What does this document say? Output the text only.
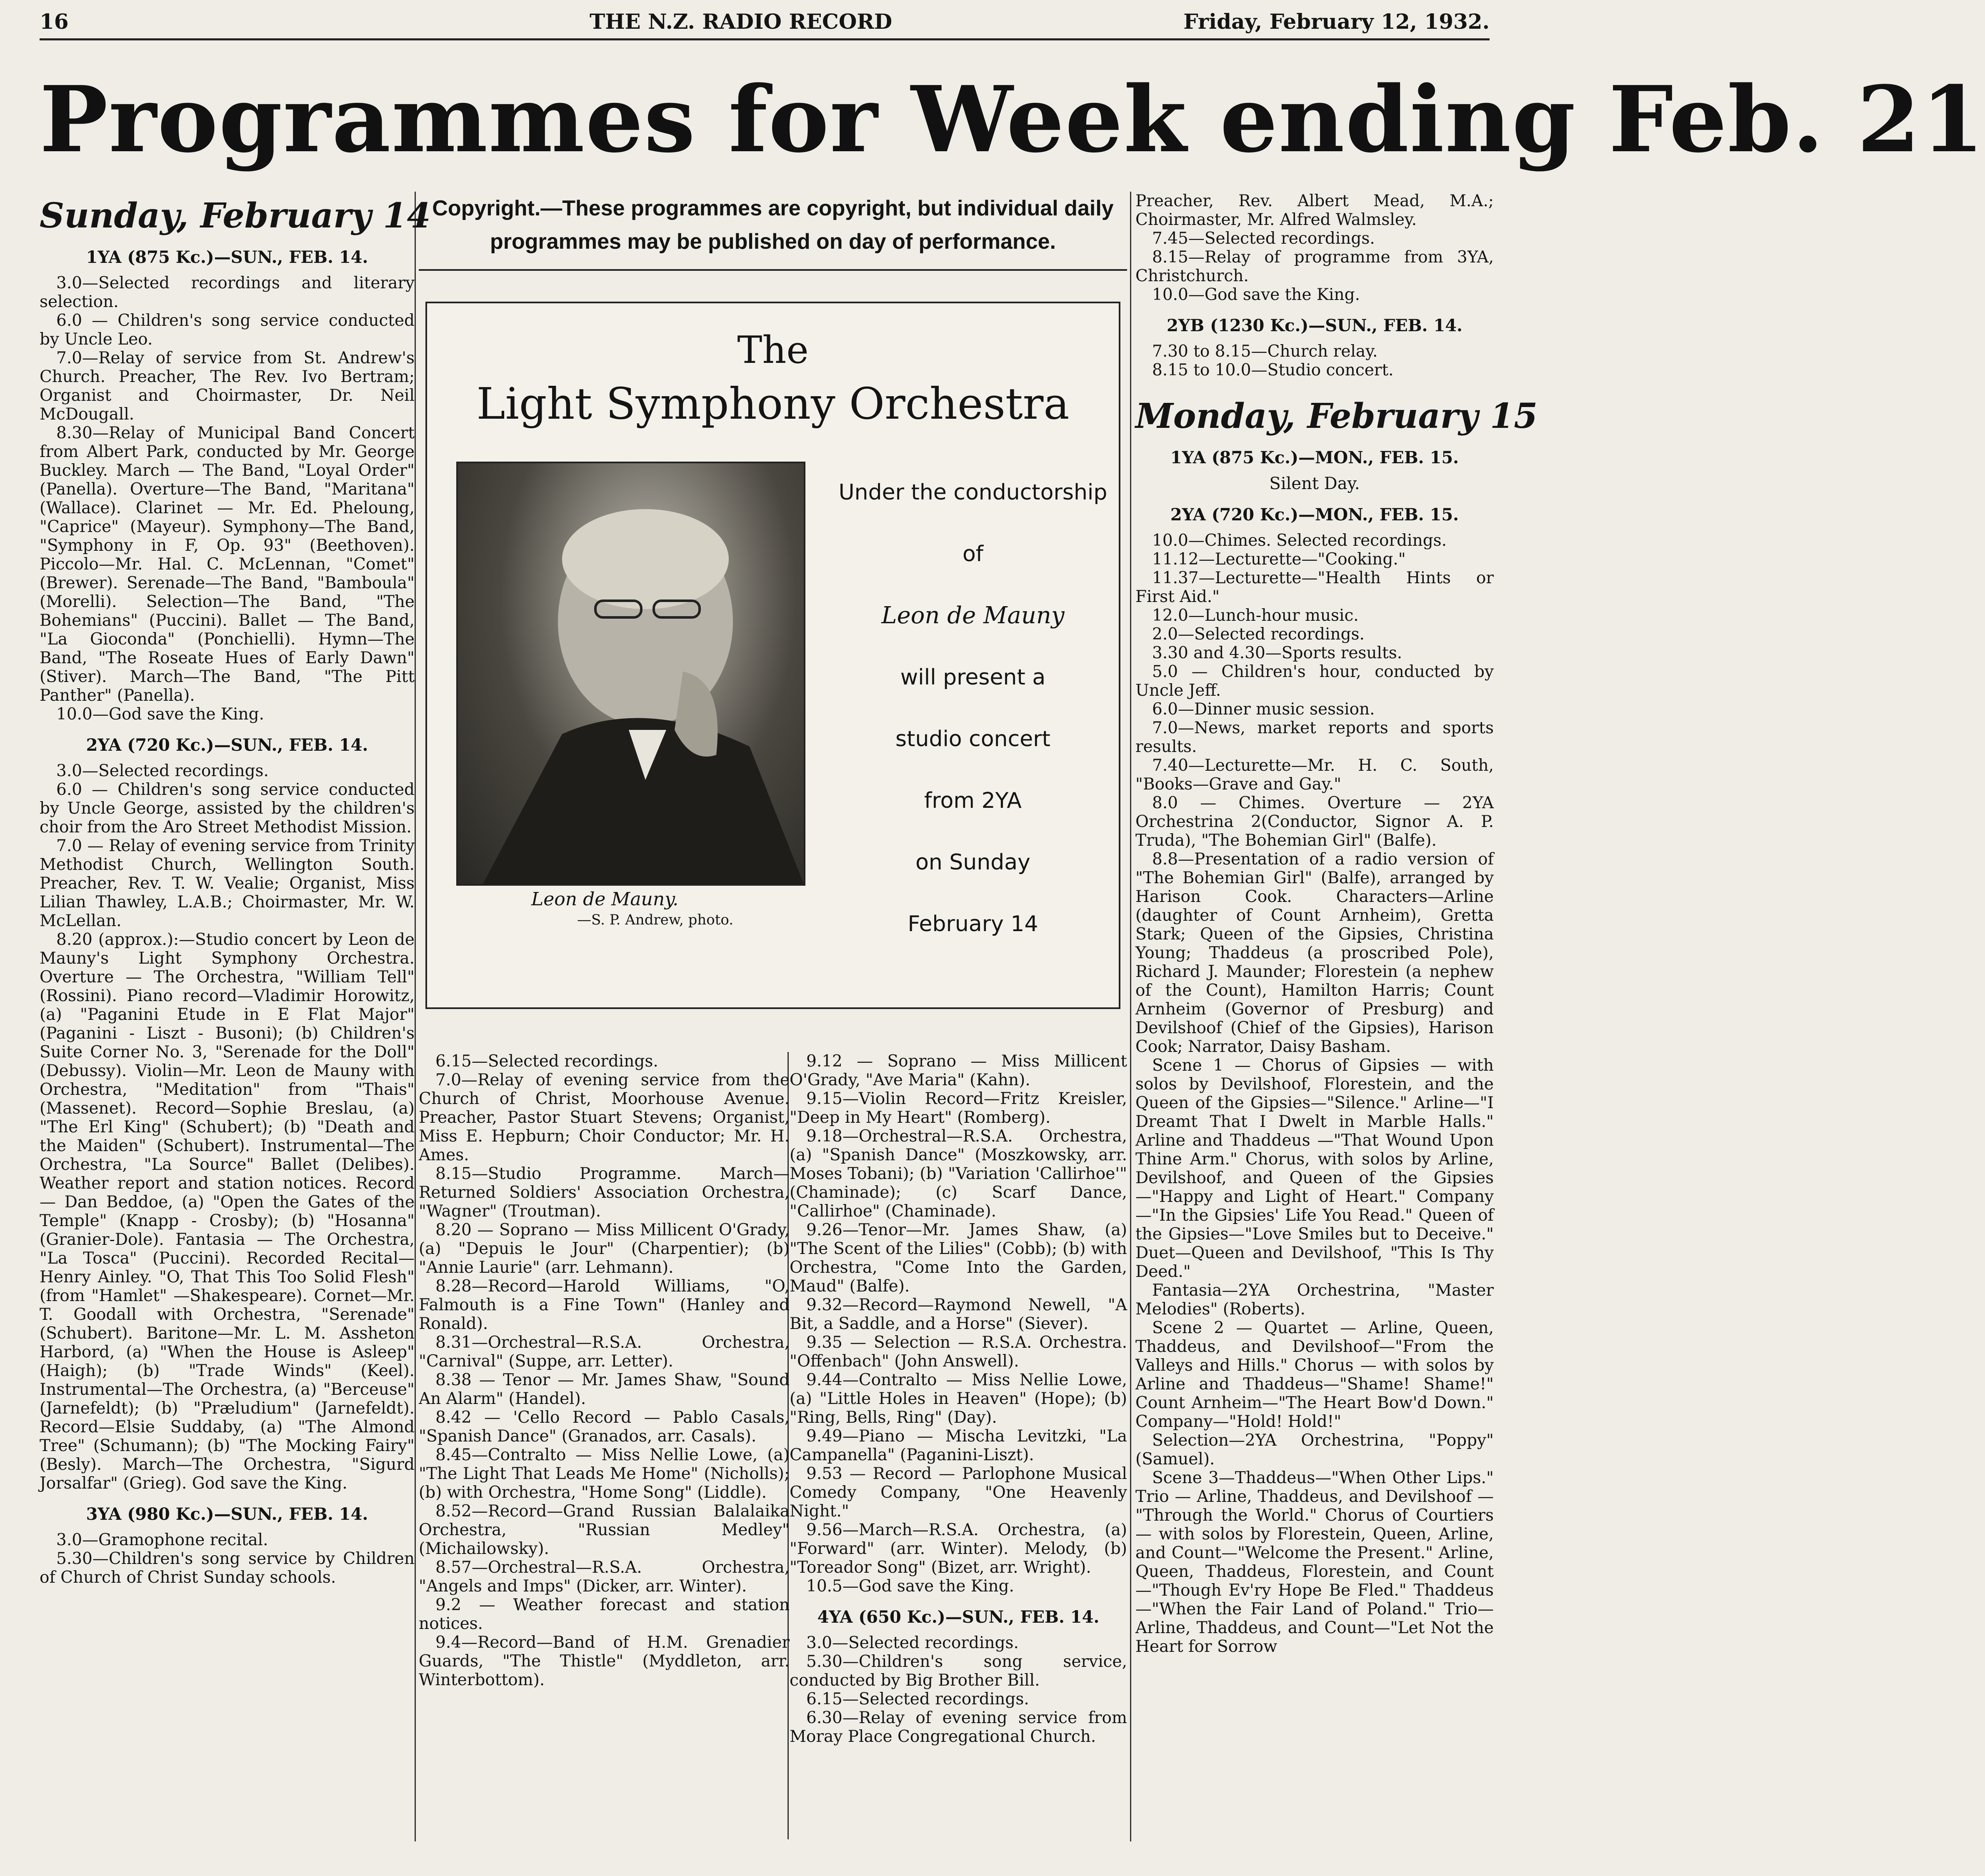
16	THE N.Z. RADIO RECORD	Friday, February 12, 1932.
Programmes for Week ending Feb. 21
Sunday, February 14
1YA (875 Kc.)—SUN., FEB. 14.

3.0—Selected recordings and literary selection.

6.0 — Children's song service conducted by Uncle Leo.

7.0—Relay of service from St. Andrew's Church. Preacher, The Rev. Ivo Bertram; Organist and Choirmaster, Dr. Neil McDougall.

8.30—Relay of Municipal Band Concert from Albert Park, conducted by Mr. George Buckley. March — The Band, "Loyal Order" (Panella). Overture—The Band, "Maritana" (Wallace). Clarinet — Mr. Ed. Pheloung, "Caprice" (Mayeur). Symphony—The Band, "Symphony in F, Op. 93" (Beethoven). Piccolo—Mr. Hal. C. McLennan, "Comet" (Brewer). Serenade—The Band, "Bamboula" (Morelli). Selection—The Band, "The Bohemians" (Puccini). Ballet — The Band, "La Gioconda" (Ponchielli). Hymn—The Band, "The Roseate Hues of Early Dawn" (Stiver). March—The Band, "The Pitt Panther" (Panella).

10.0—God save the King.

2YA (720 Kc.)—SUN., FEB. 14.

3.0—Selected recordings.

6.0 — Children's song service conducted by Uncle George, assisted by the children's choir from the Aro Street Methodist Mission.

7.0 — Relay of evening service from Trinity Methodist Church, Wellington South. Preacher, Rev. T. W. Vealie; Organist, Miss Lilian Thawley, L.A.B.; Choirmaster, Mr. W. McLellan.

8.20 (approx.):—Studio concert by Leon de Mauny's Light Symphony Orchestra. Overture — The Orchestra, "William Tell" (Rossini). Piano record—Vladimir Horowitz, (a) "Paganini Etude in E Flat Major" (Paganini - Liszt - Busoni); (b) Children's Suite Corner No. 3, "Serenade for the Doll" (Debussy). Violin—Mr. Leon de Mauny with Orchestra, "Meditation" from "Thais" (Massenet). Record—Sophie Breslau, (a) "The Erl King" (Schubert); (b) "Death and the Maiden" (Schubert). Instrumental—The Orchestra, "La Source" Ballet (Delibes). Weather report and station notices. Record — Dan Beddoe, (a) "Open the Gates of the Temple" (Knapp - Crosby); (b) "Hosanna" (Granier-Dole). Fantasia — The Orchestra, "La Tosca" (Puccini). Recorded Recital—Henry Ainley. "O, That This Too Solid Flesh" (from "Hamlet" —Shakespeare). Cornet—Mr. T. Goodall with Orchestra, "Serenade" (Schubert). Baritone—Mr. L. M. Assheton Harbord, (a) "When the House is Asleep" (Haigh); (b) "Trade Winds" (Keel). Instrumental—The Orchestra, (a) "Berceuse" (Jarnefeldt); (b) "Præludium" (Jarnefeldt). Record—Elsie Suddaby, (a) "The Almond Tree" (Schumann); (b) "The Mocking Fairy" (Besly). March—The Orchestra, "Sigurd Jorsalfar" (Grieg). God save the King.

3YA (980 Kc.)—SUN., FEB. 14.

3.0—Gramophone recital.

5.30—Children's song service by Children of Church of Christ Sunday schools.

Copyright.—These programmes are copyright, but individual daily programmes may be published on day of performance.
The
Light Symphony Orchestra
Leon de Mauny.
—S. P. Andrew, photo.
Under the conductorship
of
Leon de Mauny
will present a
studio concert
from 2YA
on Sunday
February 14

6.15—Selected recordings.

7.0—Relay of evening service from the Church of Christ, Moorhouse Avenue. Preacher, Pastor Stuart Stevens; Organist, Miss E. Hepburn; Choir Conductor; Mr. H. Ames.

8.15—Studio Programme. March—Returned Soldiers' Association Orchestra, "Wagner" (Troutman).

8.20 — Soprano — Miss Millicent O'Grady, (a) "Depuis le Jour" (Charpentier); (b) "Annie Laurie" (arr. Lehmann).

8.28—Record—Harold Williams, "O, Falmouth is a Fine Town" (Hanley and Ronald).

8.31—Orchestral—R.S.A. Orchestra, "Carnival" (Suppe, arr. Letter).

8.38 — Tenor — Mr. James Shaw, "Sound An Alarm" (Handel).

8.42 — 'Cello Record — Pablo Casals, "Spanish Dance" (Granados, arr. Casals).

8.45—Contralto — Miss Nellie Lowe, (a) "The Light That Leads Me Home" (Nicholls); (b) with Orchestra, "Home Song" (Liddle).

8.52—Record—Grand Russian Balalaika Orchestra, "Russian Medley" (Michailowsky).

8.57—Orchestral—R.S.A. Orchestra, "Angels and Imps" (Dicker, arr. Winter).

9.2 — Weather forecast and station notices.

9.4—Record—Band of H.M. Grenadier Guards, "The Thistle" (Myddleton, arr. Winterbottom).

9.12 — Soprano — Miss Millicent O'Grady, "Ave Maria" (Kahn).

9.15—Violin Record—Fritz Kreisler, "Deep in My Heart" (Romberg).

9.18—Orchestral—R.S.A. Orchestra, (a) "Spanish Dance" (Moszkowsky, arr. Moses Tobani); (b) "Variation 'Callirhoe'" (Chaminade); (c) Scarf Dance, "Callirhoe" (Chaminade).

9.26—Tenor—Mr. James Shaw, (a) "The Scent of the Lilies" (Cobb); (b) with Orchestra, "Come Into the Garden, Maud" (Balfe).

9.32—Record—Raymond Newell, "A Bit, a Saddle, and a Horse" (Siever).

9.35 — Selection — R.S.A. Orchestra. "Offenbach" (John Answell).

9.44—Contralto — Miss Nellie Lowe, (a) "Little Holes in Heaven" (Hope); (b) "Ring, Bells, Ring" (Day).

9.49—Piano — Mischa Levitzki, "La Campanella" (Paganini-Liszt).

9.53 — Record — Parlophone Musical Comedy Company, "One Heavenly Night."

9.56—March—R.S.A. Orchestra, (a) "Forward" (arr. Winter). Melody, (b) "Toreador Song" (Bizet, arr. Wright).

10.5—God save the King.

4YA (650 Kc.)—SUN., FEB. 14.

3.0—Selected recordings.

5.30—Children's song service, conducted by Big Brother Bill.

6.15—Selected recordings.

6.30—Relay of evening service from Moray Place Congregational Church.

Preacher, Rev. Albert Mead, M.A.; Choirmaster, Mr. Alfred Walmsley.

7.45—Selected recordings.

8.15—Relay of programme from 3YA, Christchurch.

10.0—God save the King.

2YB (1230 Kc.)—SUN., FEB. 14.

7.30 to 8.15—Church relay.

8.15 to 10.0—Studio concert.

Monday, February 15
1YA (875 Kc.)—MON., FEB. 15.
Silent Day.
2YA (720 Kc.)—MON., FEB. 15.

10.0—Chimes. Selected recordings.

11.12—Lecturette—"Cooking."

11.37—Lecturette—"Health Hints or First Aid."

12.0—Lunch-hour music.

2.0—Selected recordings.

3.30 and 4.30—Sports results.

5.0 — Children's hour, conducted by Uncle Jeff.

6.0—Dinner music session.

7.0—News, market reports and sports results.

7.40—Lecturette—Mr. H. C. South, "Books—Grave and Gay."

8.0 — Chimes. Overture — 2YA Orchestrina 2(Conductor, Signor A. P. Truda), "The Bohemian Girl" (Balfe).

8.8—Presentation of a radio version of "The Bohemian Girl" (Balfe), arranged by Harison Cook. Characters—Arline (daughter of Count Arnheim), Gretta Stark; Queen of the Gipsies, Christina Young; Thaddeus (a proscribed Pole), Richard J. Maunder; Florestein (a nephew of the Count), Hamilton Harris; Count Arnheim (Governor of Presburg) and Devilshoof (Chief of the Gipsies), Harison Cook; Narrator, Daisy Basham.

Scene 1 — Chorus of Gipsies — with solos by Devilshoof, Florestein, and the Queen of the Gipsies—"Silence." Arline—"I Dreamt That I Dwelt in Marble Halls." Arline and Thaddeus —"That Wound Upon Thine Arm." Chorus, with solos by Arline, Devilshoof, and Queen of the Gipsies—"Happy and Light of Heart." Company—"In the Gipsies' Life You Read." Queen of the Gipsies—"Love Smiles but to Deceive." Duet—Queen and Devilshoof, "This Is Thy Deed."

Fantasia—2YA Orchestrina, "Master Melodies" (Roberts).

Scene 2 — Quartet — Arline, Queen, Thaddeus, and Devilshoof—"From the Valleys and Hills." Chorus — with solos by Arline and Thaddeus—"Shame! Shame!" Count Arnheim—"The Heart Bow'd Down." Company—"Hold! Hold!"

Selection—2YA Orchestrina, "Poppy" (Samuel).

Scene 3—Thaddeus—"When Other Lips." Trio — Arline, Thaddeus, and Devilshoof — "Through the World." Chorus of Courtiers — with solos by Florestein, Queen, Arline, and Count—"Welcome the Present." Arline, Queen, Thaddeus, Florestein, and Count—"Though Ev'ry Hope Be Fled." Thaddeus—"When the Fair Land of Poland." Trio—Arline, Thaddeus, and Count—"Let Not the Heart for Sorrow
